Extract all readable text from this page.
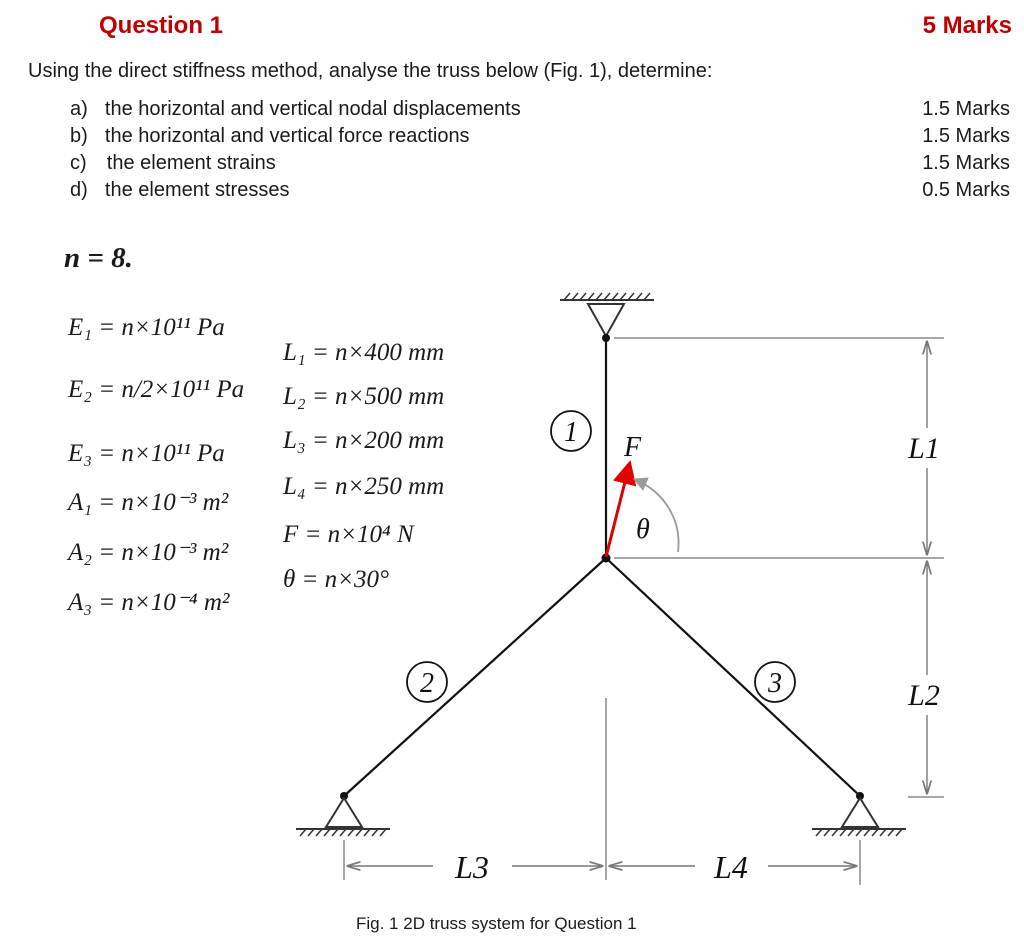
Question 1	5 Marks
Using the direct stiffness method, analyse the truss below (Fig. 1), determine:
a) the horizontal and vertical nodal displacements	1.5 Marks
b) the horizontal and vertical force reactions	1.5 Marks
c) the element strains	1.5 Marks
d) the element stresses	0.5 Marks
n = 8.
E₁ = n×10¹¹ Pa
E₂ = n/2×10¹¹ Pa
E₃ = n×10¹¹ Pa
A₁ = n×10⁻³ m²
A₂ = n×10⁻³ m²
A₃ = n×10⁻⁴ m²
L₁ = n×400 mm
L₂ = n×500 mm
L₃ = n×200 mm
L₄ = n×250 mm
F = n×10⁴ N
θ = n×30°
1
2	3
F
θ
L1
L2
L3	L4
Fig. 1 2D truss system for Question 1
